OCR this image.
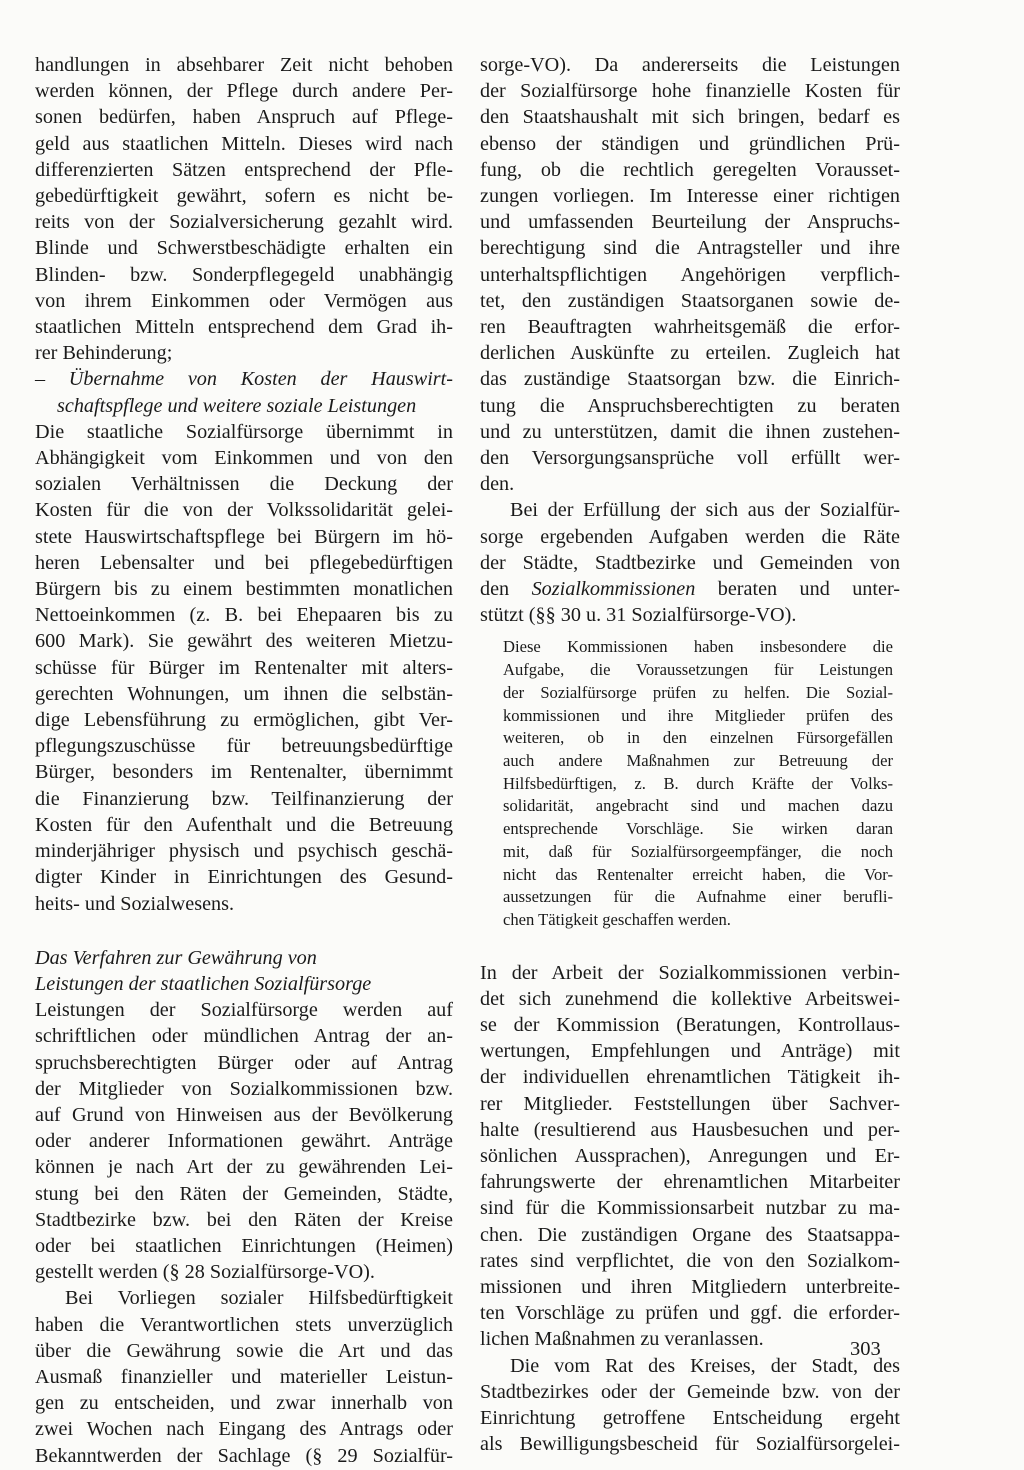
handlungen in absehbarer Zeit nicht behoben
werden können, der Pflege durch andere Per-
sonen bedürfen, haben Anspruch auf Pflege-
geld aus staatlichen Mitteln. Dieses wird nach
differenzierten Sätzen entsprechend der Pfle-
gebedürftigkeit gewährt, sofern es nicht be-
reits von der Sozialversicherung gezahlt wird.
Blinde und Schwerstbeschädigte erhalten ein
Blinden- bzw. Sonderpflegegeld unabhängig
von ihrem Einkommen oder Vermögen aus
staatlichen Mitteln entsprechend dem Grad ih-
rer Behinderung;
– Übernahme von Kosten der Hauswirt-
schaftspflege und weitere soziale Leistungen
Die staatliche Sozialfürsorge übernimmt in
Abhängigkeit vom Einkommen und von den
sozialen Verhältnissen die Deckung der
Kosten für die von der Volkssolidarität gelei-
stete Hauswirtschaftspflege bei Bürgern im hö-
heren Lebensalter und bei pflegebedürftigen
Bürgern bis zu einem bestimmten monatlichen
Nettoeinkommen (z. B. bei Ehepaaren bis zu
600 Mark). Sie gewährt des weiteren Mietzu-
schüsse für Bürger im Rentenalter mit alters-
gerechten Wohnungen, um ihnen die selbstän-
dige Lebensführung zu ermöglichen, gibt Ver-
pflegungszuschüsse für betreuungsbedürftige
Bürger, besonders im Rentenalter, übernimmt
die Finanzierung bzw. Teilfinanzierung der
Kosten für den Aufenthalt und die Betreuung
minderjähriger physisch und psychisch geschä-
digter Kinder in Einrichtungen des Gesund-
heits- und Sozialwesens.
Das Verfahren zur Gewährung von
Leistungen der staatlichen Sozialfürsorge
Leistungen der Sozialfürsorge werden auf
schriftlichen oder mündlichen Antrag der an-
spruchsberechtigten Bürger oder auf Antrag
der Mitglieder von Sozialkommissionen bzw.
auf Grund von Hinweisen aus der Bevölkerung
oder anderer Informationen gewährt. Anträge
können je nach Art der zu gewährenden Lei-
stung bei den Räten der Gemeinden, Städte,
Stadtbezirke bzw. bei den Räten der Kreise
oder bei staatlichen Einrichtungen (Heimen)
gestellt werden (§ 28 Sozialfürsorge-VO).
Bei Vorliegen sozialer Hilfsbedürftigkeit
haben die Verantwortlichen stets unverzüglich
über die Gewährung sowie die Art und das
Ausmaß finanzieller und materieller Leistun-
gen zu entscheiden, und zwar innerhalb von
zwei Wochen nach Eingang des Antrags oder
Bekanntwerden der Sachlage (§ 29 Sozialfür-
sorge-VO). Da andererseits die Leistungen
der Sozialfürsorge hohe finanzielle Kosten für
den Staatshaushalt mit sich bringen, bedarf es
ebenso der ständigen und gründlichen Prü-
fung, ob die rechtlich geregelten Vorausset-
zungen vorliegen. Im Interesse einer richtigen
und umfassenden Beurteilung der Anspruchs-
berechtigung sind die Antragsteller und ihre
unterhaltspflichtigen Angehörigen verpflich-
tet, den zuständigen Staatsorganen sowie de-
ren Beauftragten wahrheitsgemäß die erfor-
derlichen Auskünfte zu erteilen. Zugleich hat
das zuständige Staatsorgan bzw. die Einrich-
tung die Anspruchsberechtigten zu beraten
und zu unterstützen, damit die ihnen zustehen-
den Versorgungsansprüche voll erfüllt wer-
den.
Bei der Erfüllung der sich aus der Sozialfür-
sorge ergebenden Aufgaben werden die Räte
der Städte, Stadtbezirke und Gemeinden von
den Sozialkommissionen beraten und unter-
stützt (§§ 30 u. 31 Sozialfürsorge-VO).
Diese Kommissionen haben insbesondere die
Aufgabe, die Voraussetzungen für Leistungen
der Sozialfürsorge prüfen zu helfen. Die Sozial-
kommissionen und ihre Mitglieder prüfen des
weiteren, ob in den einzelnen Fürsorgefällen
auch andere Maßnahmen zur Betreuung der
Hilfsbedürftigen, z. B. durch Kräfte der Volks-
solidarität, angebracht sind und machen dazu
entsprechende Vorschläge. Sie wirken daran
mit, daß für Sozialfürsorgeempfänger, die noch
nicht das Rentenalter erreicht haben, die Vor-
aussetzungen für die Aufnahme einer berufli-
chen Tätigkeit geschaffen werden.
In der Arbeit der Sozialkommissionen verbin-
det sich zunehmend die kollektive Arbeitswei-
se der Kommission (Beratungen, Kontrollaus-
wertungen, Empfehlungen und Anträge) mit
der individuellen ehrenamtlichen Tätigkeit ih-
rer Mitglieder. Feststellungen über Sachver-
halte (resultierend aus Hausbesuchen und per-
sönlichen Aussprachen), Anregungen und Er-
fahrungswerte der ehrenamtlichen Mitarbeiter
sind für die Kommissionsarbeit nutzbar zu ma-
chen. Die zuständigen Organe des Staatsappa-
rates sind verpflichtet, die von den Sozialkom-
missionen und ihren Mitgliedern unterbreite-
ten Vorschläge zu prüfen und ggf. die erforder-
lichen Maßnahmen zu veranlassen.
Die vom Rat des Kreises, der Stadt, des
Stadtbezirkes oder der Gemeinde bzw. von der
Einrichtung getroffene Entscheidung ergeht
als Bewilligungsbescheid für Sozialfürsorgelei-
303
